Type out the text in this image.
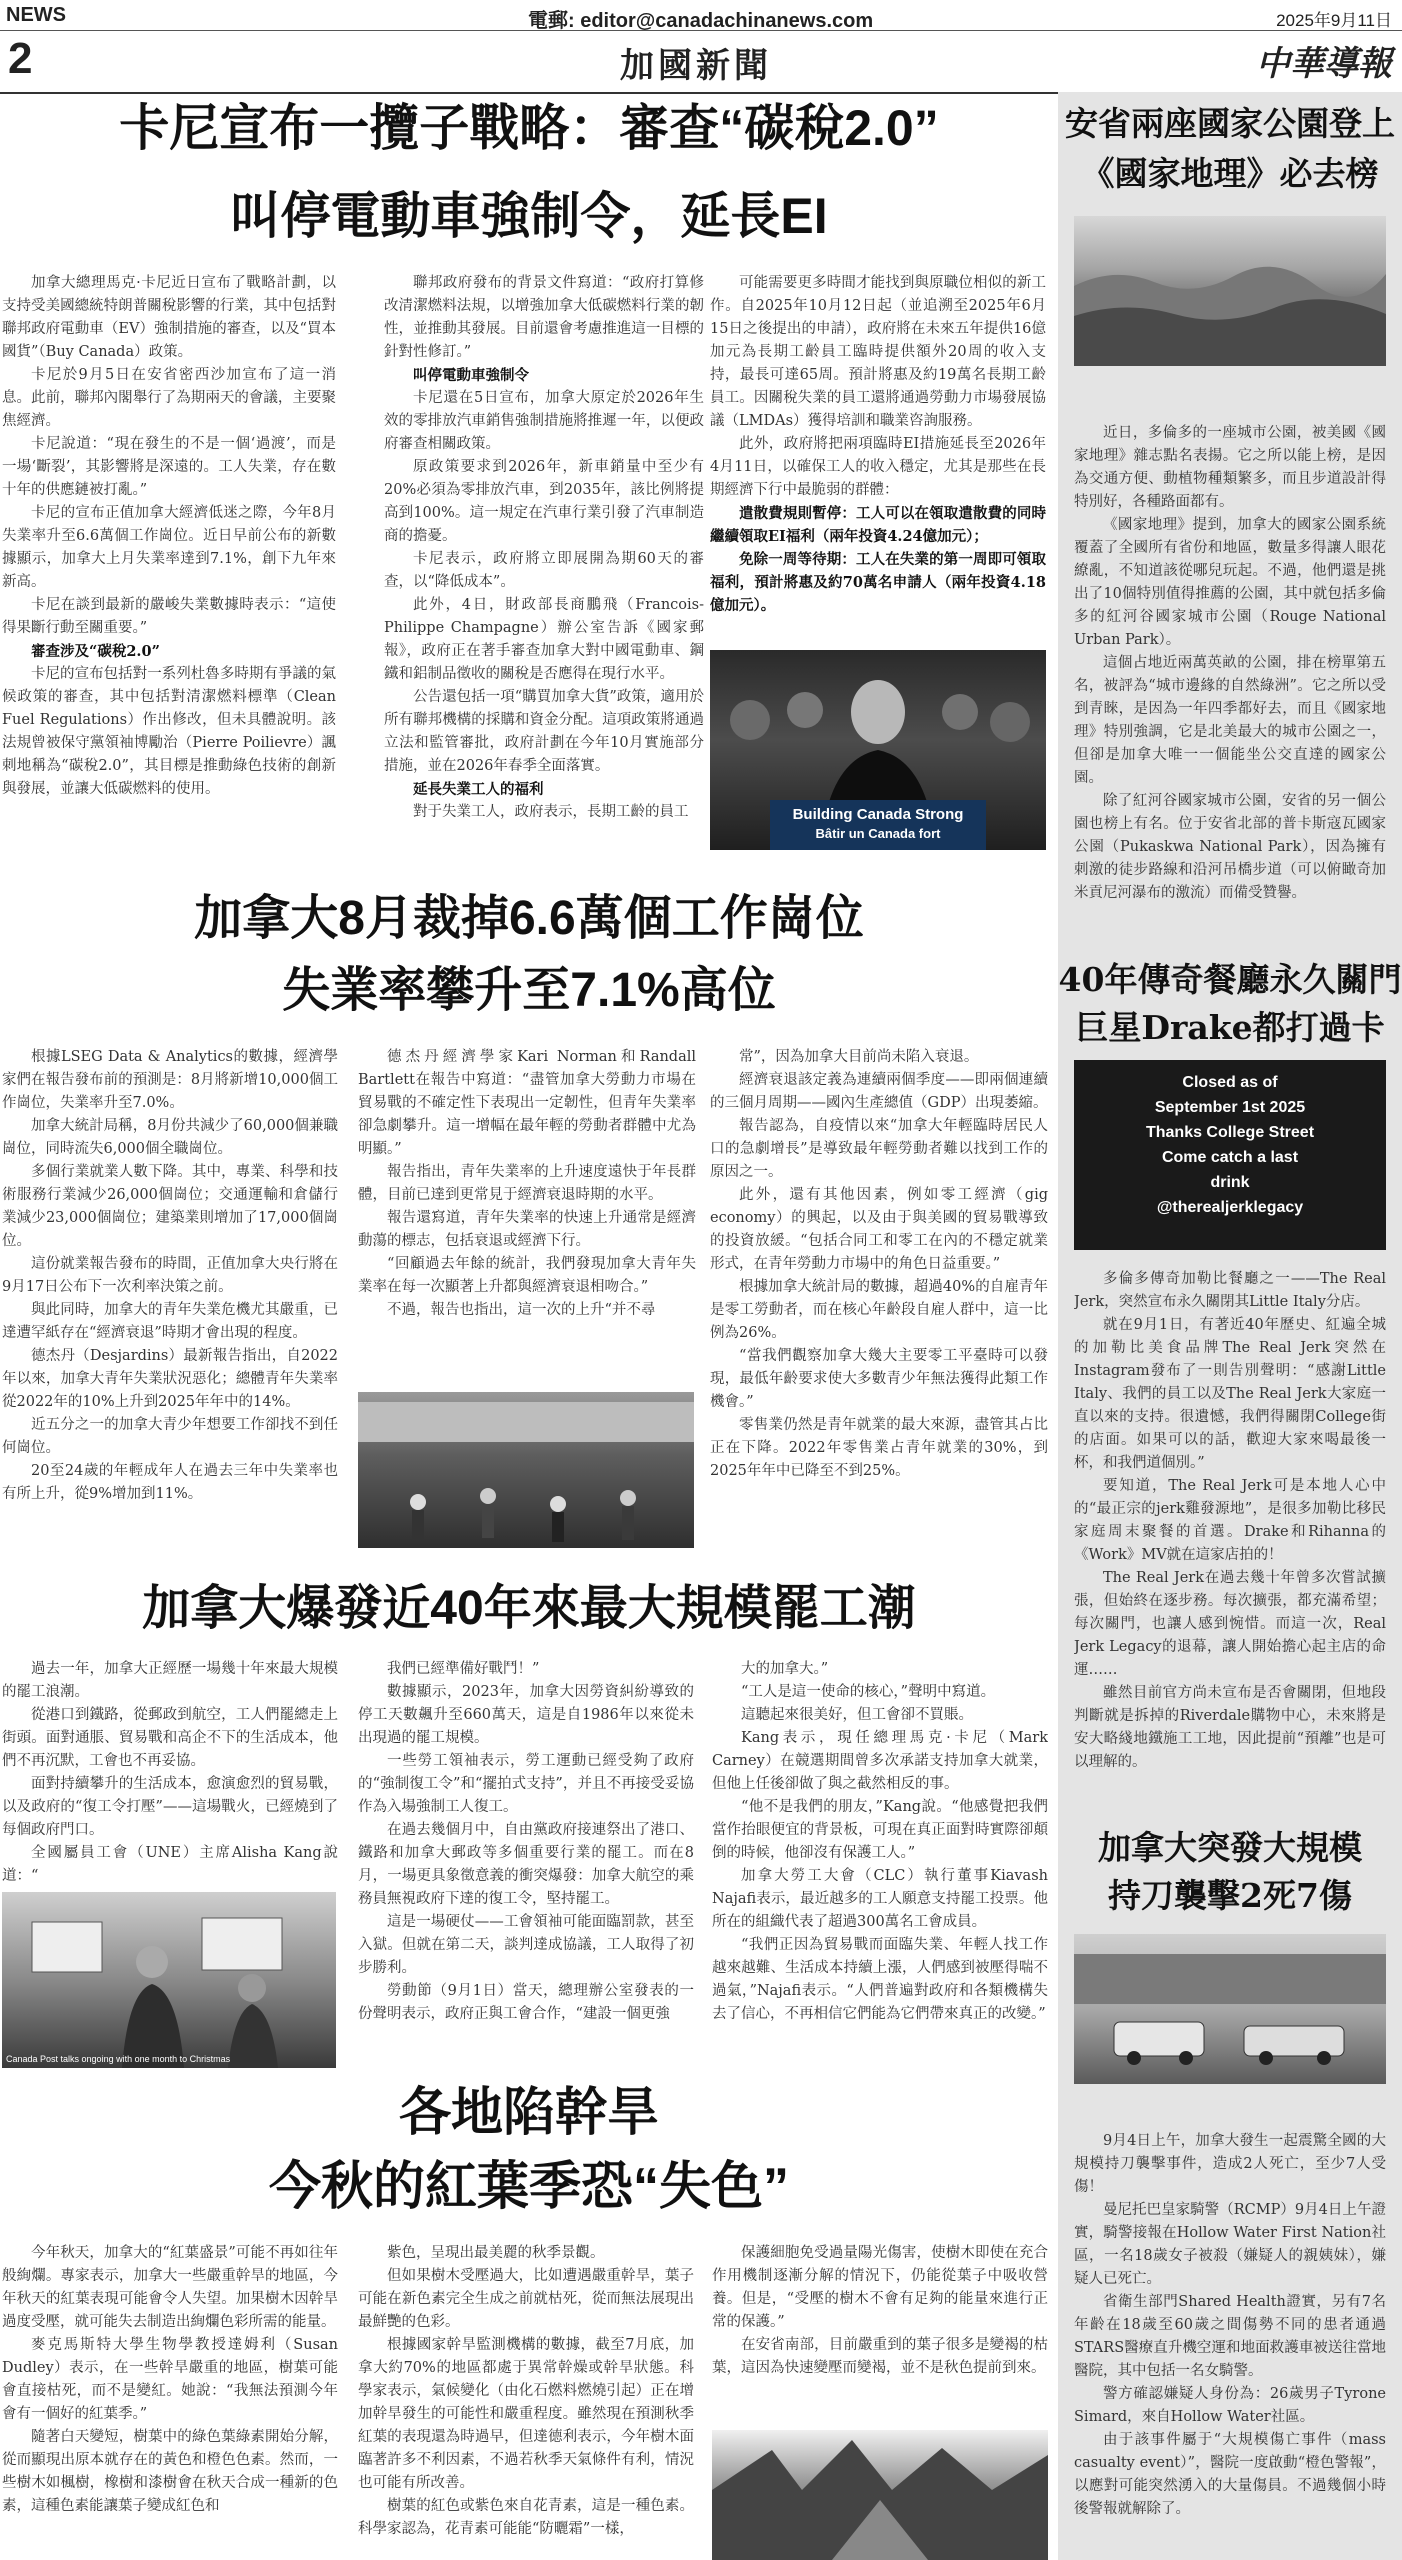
NEWS	電郵: editor@canadachinanews.com	2025年9月11日
2	加國新聞	中華導報
卡尼宣布一攬子戰略：審查“碳稅2.0”
叫停電動車強制令，延長EI

加拿大總理馬克·卡尼近日宣布了戰略計劃，以支持受美國總統特朗普關稅影響的行業，其中包括對聯邦政府電動車（EV）強制措施的審查，以及“買本國貨”（Buy Canada）政策。

卡尼於9月5日在安省密西沙加宣布了這一消息。此前，聯邦內閣舉行了為期兩天的會議，主要聚焦經濟。

卡尼說道：“現在發生的不是一個‘過渡’，而是一場‘斷裂’，其影響將是深遠的。工人失業，存在數十年的供應鏈被打亂。”

卡尼的宣布正值加拿大經濟低迷之際，今年8月失業率升至6.6萬個工作崗位。近日早前公布的新數據顯示，加拿大上月失業率達到7.1%，創下九年來新高。

卡尼在談到最新的嚴峻失業數據時表示：“這使得果斷行動至關重要。”

審查涉及“碳稅2.0”

卡尼的宣布包括對一系列杜魯多時期有爭議的氣候政策的審查，其中包括對清潔燃料標準（Clean Fuel Regulations）作出修改，但未具體說明。該法規曾被保守黨領袖博勵治（Pierre Poilievre）諷刺地稱為“碳稅2.0”，其目標是推動綠色技術的創新與發展，並讓大低碳燃料的使用。

聯邦政府發布的背景文件寫道：“政府打算修改清潔燃料法規，以增強加拿大低碳燃料行業的韌性，並推動其發展。目前還會考慮推進這一目標的針對性修訂。”

叫停電動車強制令

卡尼還在5日宣布，加拿大原定於2026年生效的零排放汽車銷售強制措施將推遲一年，以便政府審查相關政策。

原政策要求到2026年，新車銷量中至少有20%必須為零排放汽車，到2035年，該比例將提高到100%。這一規定在汽車行業引發了汽車制造商的擔憂。

卡尼表示，政府將立即展開為期60天的審查，以“降低成本”。

此外，4日，財政部長商鵬飛（Francois-Philippe Champagne）辦公室告訴《國家郵報》，政府正在著手審查加拿大對中國電動車、鋼鐵和鋁制品徵收的關稅是否應得在現行水平。

公告還包括一項“購買加拿大貨”政策，適用於所有聯邦機構的採購和資金分配。這項政策將通過立法和監管審批，政府計劃在今年10月實施部分措施，並在2026年春季全面落實。

延長失業工人的福利

對于失業工人，政府表示，長期工齡的員工

可能需要更多時間才能找到與原職位相似的新工作。自2025年10月12日起（並追溯至2025年6月15日之後提出的申請），政府將在未來五年提供16億加元為長期工齡員工臨時提供額外20周的收入支持，最長可達65周。預計將惠及約19萬名長期工齡員工。因關稅失業的員工還將通過勞動力市場發展協議（LMDAs）獲得培訓和職業咨詢服務。

此外，政府將把兩項臨時EI措施延長至2026年4月11日，以確保工人的收入穩定，尤其是那些在長期經濟下行中最脆弱的群體：

遣散費規則暫停：工人可以在領取遣散費的同時繼續領取EI福利（兩年投資4.24億加元）；

免除一周等待期：工人在失業的第一周即可領取福利，預計將惠及約70萬名申請人（兩年投資4.18億加元）。

Building Canada Strong
Bâtir un Canada fort
加拿大8月裁掉6.6萬個工作崗位
失業率攀升至7.1%高位

根據LSEG Data & Analytics的數據，經濟學家們在報告發布前的預測是：8月將新增10,000個工作崗位，失業率升至7.0%。

加拿大統計局稱，8月份共減少了60,000個兼職崗位，同時流失6,000個全職崗位。

多個行業就業人數下降。其中，專業、科學和技術服務行業減少26,000個崗位；交通運輸和倉儲行業減少23,000個崗位；建築業則增加了17,000個崗位。

這份就業報告發布的時間，正值加拿大央行將在9月17日公布下一次利率決策之前。

與此同時，加拿大的青年失業危機尤其嚴重，已達遭罕紙存在“經濟衰退”時期才會出現的程度。

德杰丹（Desjardins）最新報告指出，自2022年以來，加拿大青年失業狀況惡化；總體青年失業率從2022年的10%上升到2025年年中的14%。

近五分之一的加拿大青少年想要工作卻找不到任何崗位。

20至24歲的年輕成年人在過去三年中失業率也有所上升，從9%增加到11%。

德杰丹經濟學家Kari Norman和Randall Bartlett在報告中寫道：“盡管加拿大勞動力市場在貿易戰的不確定性下表現出一定韌性，但青年失業率卻急劇攀升。這一增幅在最年輕的勞動者群體中尤為明顯。”

報告指出，青年失業率的上升速度遠快于年長群體，目前已達到更常見于經濟衰退時期的水平。

報告還寫道，青年失業率的快速上升通常是經濟動蕩的標志，包括衰退或經濟下行。

“回顧過去年餘的統計，我們發現加拿大青年失業率在每一次顯著上升都與經濟衰退相吻合。”

不過，報告也指出，這一次的上升“并不尋

常”，因為加拿大目前尚未陷入衰退。

經濟衰退該定義為連續兩個季度——即兩個連續的三個月周期——國內生產總值（GDP）出現萎縮。

報告認為，自疫情以來“加拿大年輕臨時居民人口的急劇增長”是導致最年輕勞動者難以找到工作的原因之一。

此外，還有其他因素，例如零工經濟（gig economy）的興起，以及由于與美國的貿易戰導致的投資放緩。“包括合同工和零工在內的不穩定就業形式，在青年勞動力市場中的角色日益重要。”

根據加拿大統計局的數據，超過40%的自雇青年是零工勞動者，而在核心年齡段自雇人群中，這一比例為26%。

“當我們觀察加拿大幾大主要零工平臺時可以發現，最低年齡要求使大多數青少年無法獲得此類工作機會。”

零售業仍然是青年就業的最大來源，盡管其占比正在下降。2022年零售業占青年就業的30%，到2025年年中已降至不到25%。

加拿大爆發近40年來最大規模罷工潮

過去一年，加拿大正經歷一場幾十年來最大規模的罷工浪潮。

從港口到鐵路，從郵政到航空，工人們罷總走上街頭。面對通脹、貿易戰和高企不下的生活成本，他們不再沉默，工會也不再妥協。

面對持續攀升的生活成本，愈演愈烈的貿易戰，以及政府的“復工令打壓”——這場戰火，已經燒到了每個政府門口。

全國屬員工會（UNE）主席Alisha Kang說道：“

Canada Post talks ongoing with one month to Christmas

我們已經準備好戰鬥！”

數據顯示，2023年，加拿大因勞資糾紛導致的停工天數飆升至660萬天，這是自1986年以來從未出現過的罷工規模。

一些勞工領袖表示，勞工運動已經受夠了政府的“強制復工令”和“擺拍式支持”，并且不再接受妥協作為入場強制工人復工。

在過去幾個月中，自由黨政府接連祭出了港口、鐵路和加拿大郵政等多個重要行業的罷工。而在8月，一場更具象徵意義的衝突爆發：加拿大航空的乘務員無視政府下達的復工令，堅持罷工。

這是一場硬仗——工會領袖可能面臨罰款，甚至入獄。但就在第二天，談判達成協議，工人取得了初步勝利。

勞動節（9月1日）當天，總理辦公室發表的一份聲明表示，政府正與工會合作，“建設一個更強

大的加拿大。”

“工人是這一使命的核心，”聲明中寫道。

這聽起來很美好，但工會卻不買賬。

Kang表示，現任總理馬克·卡尼（Mark Carney）在競選期間曾多次承諾支持加拿大就業，但他上任後卻做了與之截然相反的事。

“他不是我們的朋友，”Kang說。“他感覺把我們當作抬眼便宜的背景板，可現在真正面對時實際卻顛倒的時候，他卻沒有保護工人。”

加拿大勞工大會（CLC）執行董事Kiavash Najafi表示，最近越多的工人願意支持罷工投票。他所在的組織代表了超過300萬名工會成員。

“我們正因為貿易戰而面臨失業、年輕人找工作越來越難、生活成本持續上漲，人們感到被壓得喘不過氣，”Najafi表示。“人們普遍對政府和各類機構失去了信心，不再相信它們能為它們帶來真正的改變。”

各地陷幹旱
今秋的紅葉季恐“失色”

今年秋天，加拿大的“紅葉盛景”可能不再如往年般絢爛。專家表示，加拿大一些嚴重幹旱的地區，今年秋天的紅葉表現可能會令人失望。加果樹木因幹旱過度受壓，就可能失去制造出絢爛色彩所需的能量。

麥克馬斯特大學生物學教授達姆利（Susan Dudley）表示，在一些幹旱嚴重的地區，樹葉可能會直接枯死，而不是變紅。她說：“我無法預測今年會有一個好的紅葉季。”

隨著白天變短，樹葉中的綠色葉綠素開始分解，從而顯現出原本就存在的黃色和橙色色素。然而，一些樹木如楓樹，橡樹和漆樹會在秋天合成一種新的色素，這種色素能讓葉子變成紅色和

紫色，呈現出最美麗的秋季景觀。

但如果樹木受壓過大，比如遭遇嚴重幹旱，葉子可能在新色素完全生成之前就枯死，從而無法展現出最鮮艷的色彩。

根據國家幹旱監測機構的數據，截至7月底，加拿大約70%的地區都處于異常幹燥或幹旱狀態。科學家表示，氣候變化（由化石燃料燃燒引起）正在增加幹旱發生的可能性和嚴重程度。雖然現在預測秋季紅葉的表現還為時過早，但達德利表示，今年樹木面臨著許多不利因素，不過若秋季天氣條件有利，情況也可能有所改善。

樹葉的紅色或紫色來自花青素，這是一種色素。科學家認為，花青素可能能“防曬霜”一樣，

保護細胞免受過量陽光傷害，使樹木即使在充合作用機制逐漸分解的情況下，仍能從葉子中吸收營養。但是，“受壓的樹木不會有足夠的能量來進行正常的保護。”

在安省南部，目前嚴重到的葉子很多是變褐的枯葉，這因為快速變壓而變褐，並不是秋色提前到來。

安省兩座國家公園登上
《國家地理》必去榜

近日，多倫多的一座城市公園，被美國《國家地理》雜志點名表揚。它之所以能上榜，是因為交通方便、動植物種類繁多，而且步道設計得特別好，各種路面都有。

《國家地理》提到，加拿大的國家公園系統覆蓋了全國所有省份和地區，數量多得讓人眼花繚亂，不知道該從哪兒玩起。不過，他們還是挑出了10個特別值得推薦的公園，其中就包括多倫多的紅河谷國家城市公園（Rouge National Urban Park）。

這個占地近兩萬英畝的公園，排在榜單第五名，被評為“城市邊緣的自然綠洲”。它之所以受到青睞，是因為一年四季都好去，而且《國家地理》特別強調，它是北美最大的城市公園之一，但卻是加拿大唯一一個能坐公交直達的國家公園。

除了紅河谷國家城市公園，安省的另一個公園也榜上有名。位于安省北部的普卡斯寇瓦國家公園（Pukaskwa National Park），因為擁有刺激的徒步路線和沿河吊橋步道（可以俯瞰奇加米貢尼河瀑布的激流）而備受贊譽。

40年傳奇餐廳永久關門
巨星Drake都打過卡
Closed as of
September 1st 2025
Thanks College Street
Come catch a last
drink
@therealjerklegacy

多倫多傳奇加勒比餐廳之一——The Real Jerk，突然宣布永久關閉其Little Italy分店。

就在9月1日，有著近40年歷史、紅遍全城的加勒比美食品牌The Real Jerk突然在Instagram發布了一則告別聲明：“感謝Little Italy、我們的員工以及The Real Jerk大家庭一直以來的支持。很遺憾，我們得關閉College街的店面。如果可以的話，歡迎大家來喝最後一杯，和我們道個別。”

要知道，The Real Jerk可是本地人心中的“最正宗的jerk雞發源地”，是很多加勒比移民家庭周末聚餐的首選。Drake和Rihanna的《Work》MV就在這家店拍的！

The Real Jerk在過去幾十年曾多次嘗試擴張，但始終在逐步務。每次擴張，都充滿希望；每次關門，也讓人感到惋惜。而這一次，Real Jerk Legacy的退幕，讓人開始擔心起主店的命運……

雖然目前官方尚未宣布是否會關閉，但地段判斷就是拆掉的Riverdale購物中心，未來將是安大略綫地鐵施工工地，因此提前“預離”也是可以理解的。

加拿大突發大規模
持刀襲擊2死7傷

9月4日上午，加拿大發生一起震驚全國的大規模持刀襲擊事件，造成2人死亡，至少7人受傷！

曼尼托巴皇家騎警（RCMP）9月4日上午證實，騎警接報在Hollow Water First Nation社區，一名18歲女子被殺（嫌疑人的親姨妹），嫌疑人已死亡。

省衛生部門Shared Health證實，另有7名年齡在18歲至60歲之間傷勢不同的患者通過STARS醫療直升機空運和地面救護車被送往當地醫院，其中包括一名女騎警。

警方確認嫌疑人身份為：26歲男子Tyrone Simard，來自Hollow Water社區。

由于該事件屬于“大規模傷亡事件（mass casualty event）”，醫院一度啟動“橙色警報”，以應對可能突然湧入的大量傷員。不過幾個小時後警報就解除了。
